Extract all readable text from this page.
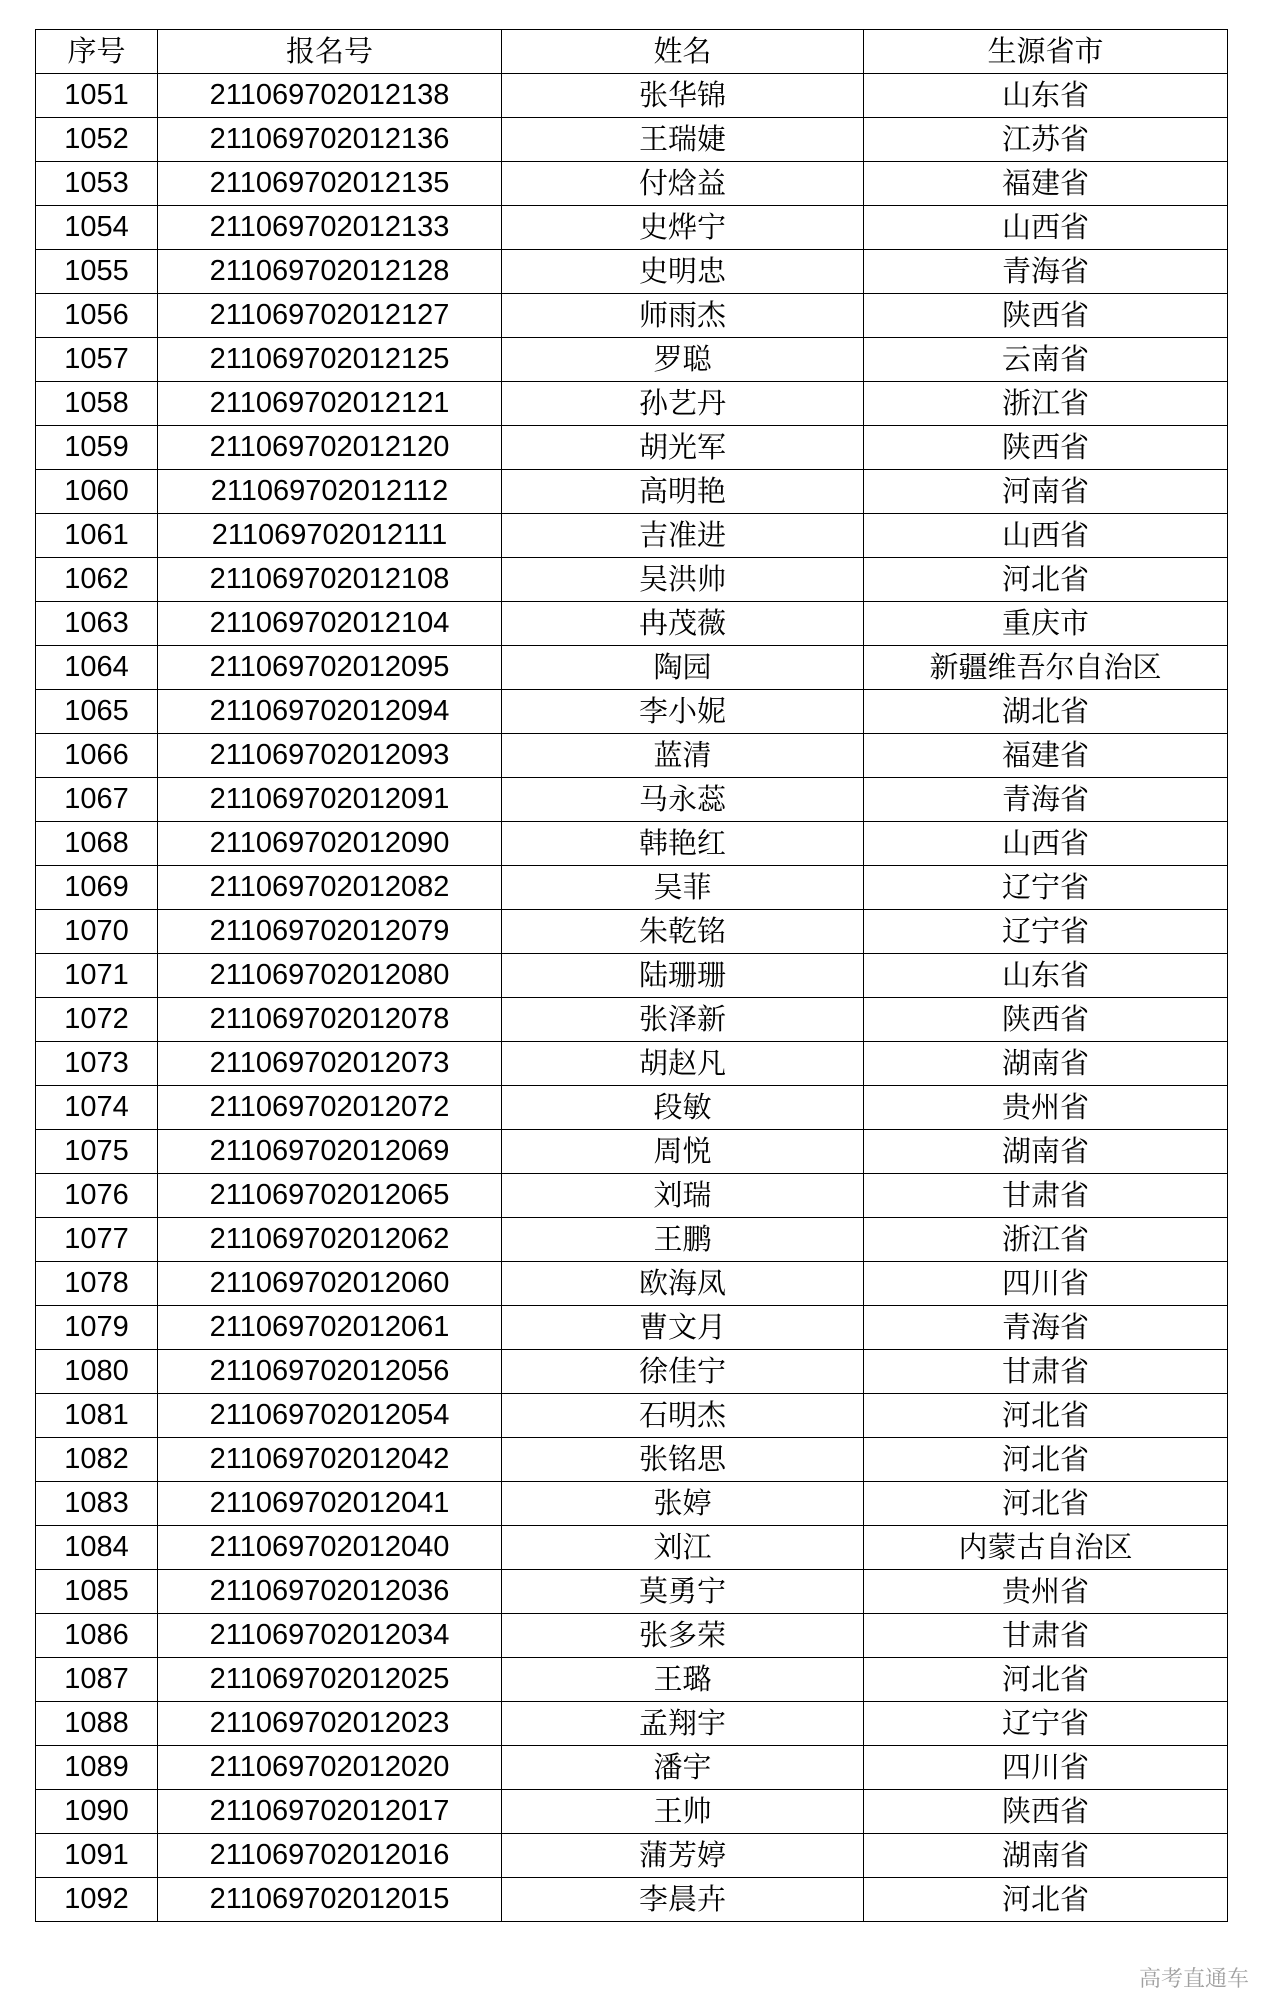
序号	报名号	姓名	生源省市
1051	211069702012138	张华锦	山东省
1052	211069702012136	王瑞婕	江苏省
1053	211069702012135	付焓益	福建省
1054	211069702012133	史烨宁	山西省
1055	211069702012128	史明忠	青海省
1056	211069702012127	师雨杰	陕西省
1057	211069702012125	罗聪	云南省
1058	211069702012121	孙艺丹	浙江省
1059	211069702012120	胡光军	陕西省
1060	211069702012112	高明艳	河南省
1061	211069702012111	吉准进	山西省
1062	211069702012108	吴洪帅	河北省
1063	211069702012104	冉茂薇	重庆市
1064	211069702012095	陶园	新疆维吾尔自治区
1065	211069702012094	李小妮	湖北省
1066	211069702012093	蓝清	福建省
1067	211069702012091	马永蕊	青海省
1068	211069702012090	韩艳红	山西省
1069	211069702012082	吴菲	辽宁省
1070	211069702012079	朱乾铭	辽宁省
1071	211069702012080	陆珊珊	山东省
1072	211069702012078	张泽新	陕西省
1073	211069702012073	胡赵凡	湖南省
1074	211069702012072	段敏	贵州省
1075	211069702012069	周悦	湖南省
1076	211069702012065	刘瑞	甘肃省
1077	211069702012062	王鹏	浙江省
1078	211069702012060	欧海凤	四川省
1079	211069702012061	曹文月	青海省
1080	211069702012056	徐佳宁	甘肃省
1081	211069702012054	石明杰	河北省
1082	211069702012042	张铭思	河北省
1083	211069702012041	张婷	河北省
1084	211069702012040	刘江	内蒙古自治区
1085	211069702012036	莫勇宁	贵州省
1086	211069702012034	张多荣	甘肃省
1087	211069702012025	王璐	河北省
1088	211069702012023	孟翔宇	辽宁省
1089	211069702012020	潘宇	四川省
1090	211069702012017	王帅	陕西省
1091	211069702012016	蒲芳婷	湖南省
1092	211069702012015	李晨卉	河北省
高考直通车
